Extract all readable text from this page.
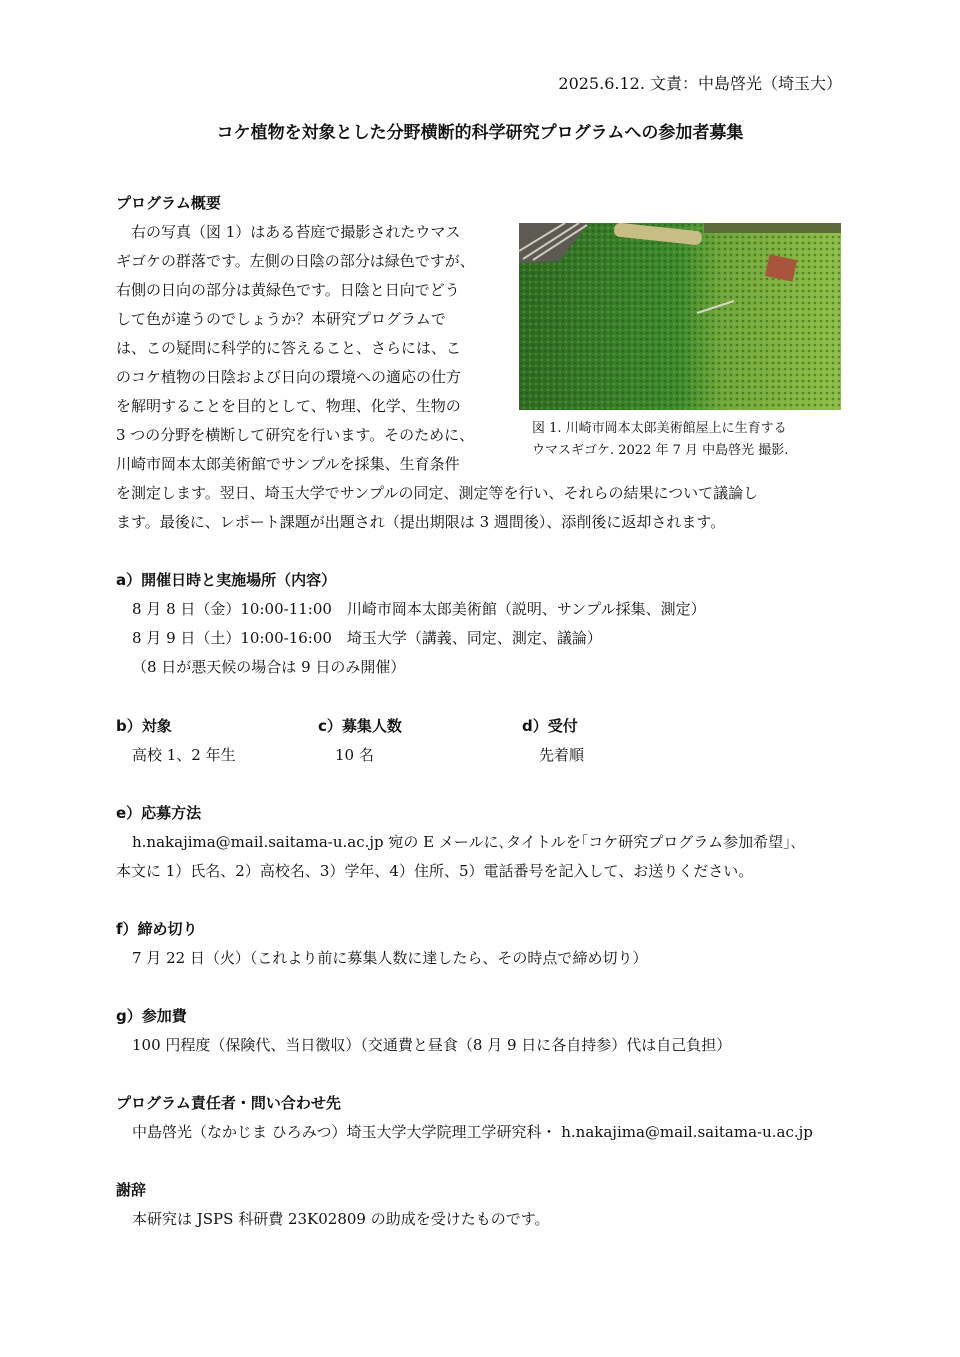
2025.6.12. 文責：中島啓光（埼玉大）
コケ植物を対象とした分野横断的科学研究プログラムへの参加者募集
プログラム概要
　右の写真（図 1）はある苔庭で撮影されたウマス
ギゴケの群落です。左側の日陰の部分は緑色ですが、
右側の日向の部分は黄緑色です。日陰と日向でどう
して色が違うのでしょうか？本研究プログラムで
は、この疑問に科学的に答えること、さらには、こ
のコケ植物の日陰および日向の環境への適応の仕方
を解明することを目的として、物理、化学、生物の
3 つの分野を横断して研究を行います。そのために、
川崎市岡本太郎美術館でサンプルを採集、生育条件
を測定します。翌日、埼玉大学でサンプルの同定、測定等を行い、それらの結果について議論し
ます。最後に、レポート課題が出題され（提出期限は 3 週間後）、添削後に返却されます。
図 1. 川崎市岡本太郎美術館屋上に生育する
ウマスギゴケ. 2022 年 7 月 中島啓光 撮影.
a）開催日時と実施場所（内容）
8 月 8 日（金）10:00-11:00　川崎市岡本太郎美術館（説明、サンプル採集、測定）
8 月 9 日（土）10:00-16:00　埼玉大学（講義、同定、測定、議論）
（8 日が悪天候の場合は 9 日のみ開催）
b）対象
高校 1、2 年生
c）募集人数
10 名
d）受付
先着順
e）応募方法
h.nakajima@mail.saitama-u.ac.jp 宛の E メールに､タイトルを｢コケ研究プログラム参加希望｣､
本文に 1）氏名、2）高校名、3）学年、4）住所、5）電話番号を記入して、お送りください。
f）締め切り
7 月 22 日（火）（これより前に募集人数に達したら、その時点で締め切り）
g）参加費
100 円程度（保険代、当日徴収）（交通費と昼食（8 月 9 日に各自持参）代は自己負担）
プログラム責任者・問い合わせ先
中島啓光（なかじま ひろみつ）埼玉大学大学院理工学研究科・ h.nakajima@mail.saitama-u.ac.jp
謝辞
本研究は JSPS 科研費 23K02809 の助成を受けたものです。
